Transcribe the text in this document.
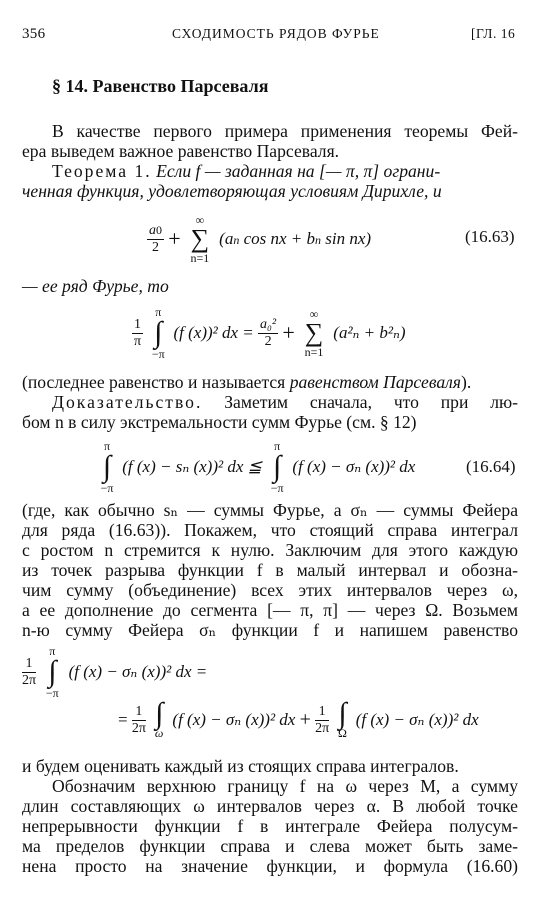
356	СХОДИМОСТЬ РЯДОВ ФУРЬЕ	[ГЛ. 16
§ 14. Равенство Парсеваля
В качестве первого примера применения теоремы Фей-
ера выведем важное равенство Парсеваля.
Теорема 1. Если f — заданная на [— π, π] ограни-
ченная функция, удовлетворяющая условиям Дирихле, и
$\frac{a0}{2}$ +
∞
∑
n=1
(an cos nx + bn sin nx)	(16.63)
— ее ряд Фурье, то
$\frac{1}{\pi}$

π
∫
−π
(f (x))² dx = $\frac{\text{a₀²}}{2}$ +
∞
∑
n=1
(a²ₙ + b²ₙ)
(последнее равенство и называется равенством Парсеваля).
Доказательство. Заметим сначала, что при лю-
бом n в силу экстремальности сумм Фурье (см. § 12)
π
∫
−π
(f (x) − sₙ (x))² dx ≦
π
∫
−π
(f (x) − σₙ (x))² dx	(16.64)
(где, как обычно sₙ — суммы Фурье, а σₙ — суммы Фейера
для ряда (16.63)). Покажем, что стоящий справа интеграл
с ростом n стремится к нулю. Заключим для этого каждую
из точек разрыва функции f в малый интервал и обозна-
чим сумму (объединение) всех этих интервалов через ω,
а ее дополнение до сегмента [— π, π] — через Ω. Возьмем
n-ю сумму Фейера σₙ функции f и напишем равенство
$\frac{1}{2\pi}$

π
∫
−π
(f (x) − σₙ (x))² dx =
= $\frac{1}{2\pi}$
∫
ω
(f (x) − σₙ (x))² dx + $\frac{1}{2\pi}$
∫
Ω
(f (x) − σₙ (x))² dx
и будем оценивать каждый из стоящих справа интегралов.
Обозначим верхнюю границу f на ω через M, а сумму
длин составляющих ω интервалов через α. В любой точке
непрерывности функции f в интеграле Фейера полусум-
ма пределов функции справа и слева может быть заме-
нена просто на значение функции, и формула (16.60)
